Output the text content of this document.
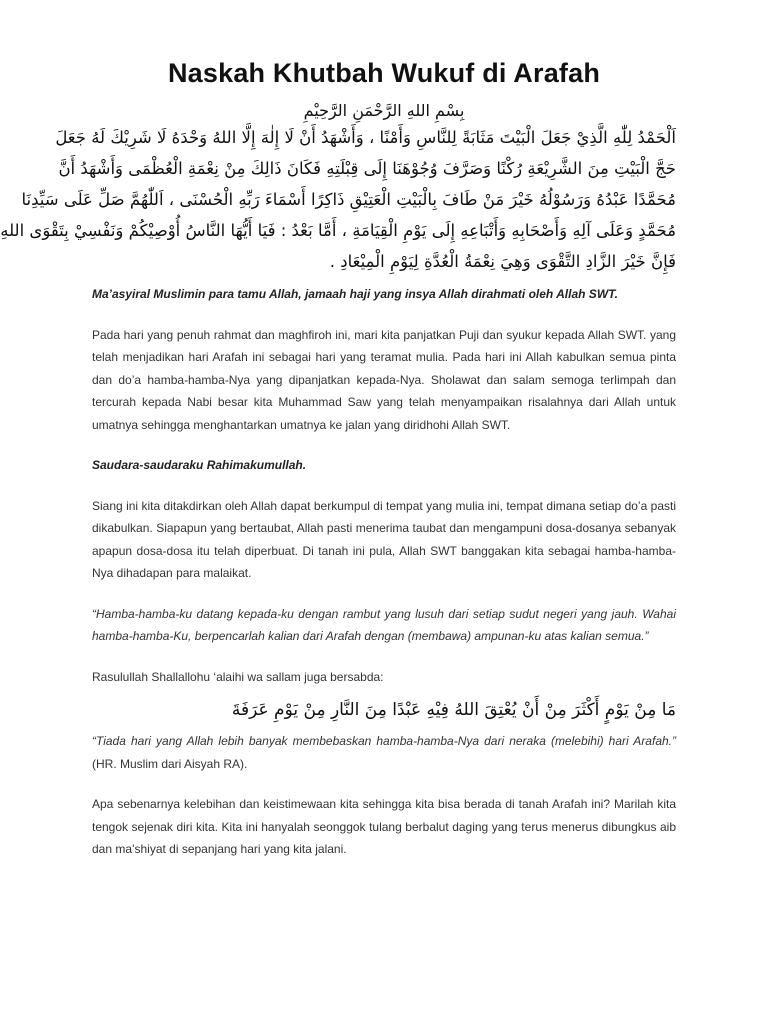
Naskah Khutbah Wukuf di Arafah
بِسْمِ اللهِ الرَّحْمَنِ الرَّحِيْمِ
اَلْحَمْدُ لِلّٰهِ الَّذِيْ جَعَلَ الْبَيْتَ مَثَابَةً لِلنَّاسِ وَأَمْنًا ، وَأَشْهَدُ أَنْ لَا إِلٰهَ إِلَّا اللهُ وَحْدَهُ لَا شَرِيْكَ لَهُ جَعَلَ
حَجَّ الْبَيْتِ مِنَ الشَّرِيْعَةِ رُكْنًا وَصَرَّفَ وُجُوْهَنَا إِلَى قِبْلَتِهِ فَكَانَ ذَالِكَ مِنْ نِعْمَةِ الْعُظْمَى وَأَشْهَدُ أَنَّ
مُحَمَّدًا عَبْدُهُ وَرَسُوْلُهُ خَيْرَ مَنْ طَافَ بِالْبَيْتِ الْعَتِيْقِ ذَاكِرًا أَسْمَاءَ رَبِّهِ الْحُسْنَى ، اَللّٰهُمَّ صَلِّ عَلَى سَيِّدِنَا
مُحَمَّدٍ وَعَلَى آلِهِ وَأَصْحَابِهِ وَأَتْبَاعِهِ إِلَى يَوْمِ الْقِيَامَةِ ، أَمَّا بَعْدُ : فَيَا أَيُّهَا النَّاسُ أُوْصِيْكُمْ وَنَفْسِيْ بِتَقْوَى اللهِ
فَإِنَّ خَيْرَ الزَّادِ التَّقْوَى وَهِيَ نِعْمَةُ الْعُدَّةِ لِيَوْمِ الْمِيْعَادِ .

Ma’asyiral Muslimin para tamu Allah, jamaah haji yang insya Allah dirahmati oleh Allah SWT.

Pada hari yang penuh rahmat dan maghfiroh ini, mari kita panjatkan Puji dan syukur kepada Allah SWT. yang telah menjadikan hari Arafah ini sebagai hari yang teramat mulia. Pada hari ini Allah kabulkan semua pinta dan do’a hamba-hamba-Nya yang dipanjatkan kepada-Nya. Sholawat dan salam semoga terlimpah dan tercurah kepada Nabi besar kita Muhammad Saw yang telah menyampaikan risalahnya dari Allah untuk umatnya sehingga menghantarkan umatnya ke jalan yang diridhohi Allah SWT.

Saudara-saudaraku Rahimakumullah.

Siang ini kita ditakdirkan oleh Allah dapat berkumpul di tempat yang mulia ini, tempat dimana setiap do’a pasti dikabulkan. Siapapun yang bertaubat, Allah pasti menerima taubat dan mengampuni dosa-dosanya sebanyak apapun dosa-dosa itu telah diperbuat. Di tanah ini pula, Allah SWT banggakan kita sebagai hamba-hamba-Nya dihadapan para malaikat.

“Hamba-hamba-ku datang kepada-ku dengan rambut yang lusuh dari setiap sudut negeri yang jauh. Wahai hamba-hamba-Ku, berpencarlah kalian dari Arafah dengan (membawa) ampunan-ku atas kalian semua.”

Rasulullah Shallallohu ‘alaihi wa sallam juga bersabda:

مَا مِنْ يَوْمٍ أَكْثَرَ مِنْ أَنْ يُعْتِقَ اللهُ فِيْهِ عَبْدًا مِنَ النَّارِ مِنْ يَوْمِ عَرَفَةَ

“Tiada hari yang Allah lebih banyak membebaskan hamba-hamba-Nya dari neraka (melebihi) hari Arafah.” (HR. Muslim dari Aisyah RA).

Apa sebenarnya kelebihan dan keistimewaan kita sehingga kita bisa berada di tanah Arafah ini? Marilah kita tengok sejenak diri kita. Kita ini hanyalah seonggok tulang berbalut daging yang terus menerus dibungkus aib dan ma’shiyat di sepanjang hari yang kita jalani.
